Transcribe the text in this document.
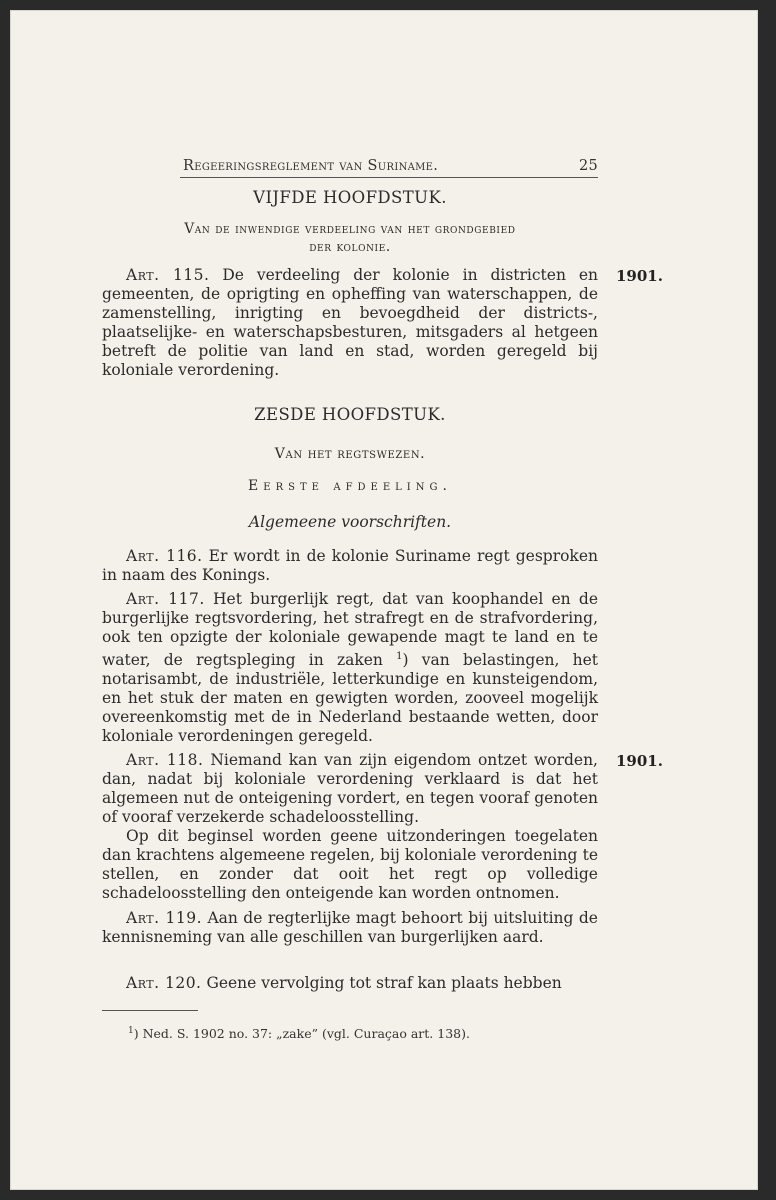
Regeeringsreglement van Suriname.	25
VIJFDE HOOFDSTUK.
Van de inwendige verdeeling van het grondgebied
der kolonie.

Art. 115. De verdeeling der kolonie in districten en gemeenten, de oprigting en opheffing van waterschappen, de zamenstelling, inrigting en bevoegdheid der districts-, plaatselijke- en waterschapsbesturen, mitsgaders al hetgeen betreft de politie van land en stad, worden geregeld bij koloniale verordening.

1901.
ZESDE HOOFDSTUK.
Van het regtswezen.
Eerste afdeeling.
Algemeene voorschriften.

Art. 116. Er wordt in de kolonie Suriname regt gesproken in naam des Konings.

Art. 117. Het burgerlijk regt, dat van koophandel en de burgerlijke regtsvordering, het strafregt en de strafvordering, ook ten opzigte der koloniale gewapende magt te land en te water, de regtspleging in zaken $^1$) van belastingen, het notarisambt, de industriële, letterkundige en kunsteigendom, en het stuk der maten en gewigten worden, zooveel mogelijk overeenkomstig met de in Nederland bestaande wetten, door koloniale verordeningen geregeld.

Art. 118. Niemand kan van zijn eigendom ontzet worden, dan, nadat bij koloniale verordening verklaard is dat het algemeen nut de onteigening vordert, en tegen vooraf genoten of vooraf verzekerde schadeloosstelling.

Op dit beginsel worden geene uitzonderingen toegelaten dan krachtens algemeene regelen, bij koloniale verordening te stellen, en zonder dat ooit het regt op volledige schadeloosstelling den onteigende kan worden ontnomen.

1901.

Art. 119. Aan de regterlijke magt behoort bij uitsluiting de kennisneming van alle geschillen van burgerlijken aard.

Art. 120. Geene vervolging tot straf kan plaats hebben

$^1$) Ned. S. 1902 no. 37: „zake” (vgl. Curaçao art. 138).
